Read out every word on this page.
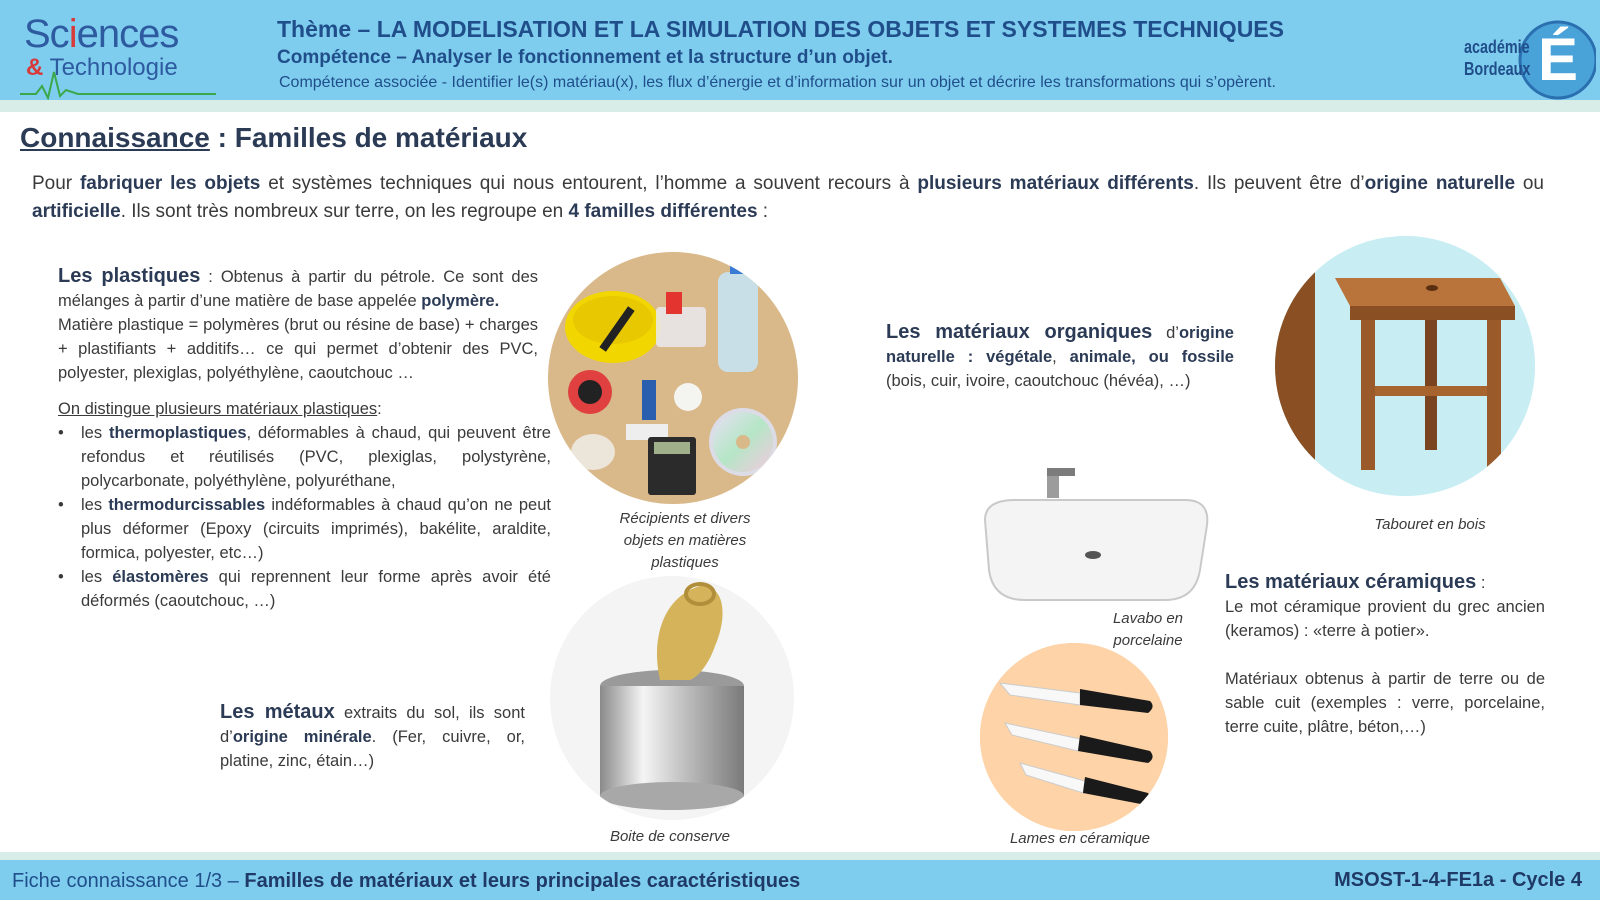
Sciences
& Technologie
Thème – LA MODELISATION ET LA SIMULATION DES OBJETS ET SYSTEMES TECHNIQUES
Compétence – Analyser le fonctionnement et la structure d’un objet.
Compétence associée - Identifier le(s) matériau(x), les flux d’énergie et d’information sur un objet et décrire les transformations qui s’opèrent.	É
académie
Bordeaux
Connaissance : Familles de matériaux
Pour fabriquer les objets et systèmes techniques qui nous entourent, l’homme a souvent recours à plusieurs matériaux différents. Ils peuvent être d’origine naturelle ou artificielle. Ils sont très nombreux sur terre, on les regroupe en 4 familles différentes :

Les plastiques : Obtenus à partir du pétrole. Ce sont des mélanges à partir d’une matière de base appelée polymère.

Matière plastique = polymères (brut ou résine de base) + charges + plastifiants + additifs… ce qui permet d’obtenir des PVC, polyester, plexiglas, polyéthylène, caoutchouc …

On distingue plusieurs matériaux plastiques:

• les thermoplastiques, déformables à chaud, qui peuvent être refondus et réutilisés (PVC, plexiglas, polystyrène, polycarbonate, polyéthylène, polyuréthane,
• les thermodurcissables indéformables à chaud qu’on ne peut plus déformer (Epoxy (circuits imprimés), bakélite, araldite, formica, polyester, etc…)
• les élastomères qui reprennent leur forme après avoir été déformés (caoutchouc, …)
Récipients et divers
objets en matières
plastiques
Boite de conserve
Les métaux extraits du sol, ils sont d’origine minérale. (Fer, cuivre, or, platine, zinc, étain…)
Les matériaux organiques d’origine naturelle : végétale, animale, ou fossile (bois, cuir, ivoire, caoutchouc (hévéa), …)
Tabouret en bois
Lavabo en
porcelaine
Lames en céramique

Les matériaux céramiques :

Le mot céramique provient du grec ancien (keramos) : «terre à potier».

Matériaux obtenus à partir de terre ou de sable cuit (exemples : verre, porcelaine, terre cuite, plâtre, béton,…)

Fiche connaissance 1/3 – Familles de matériaux et leurs principales caractéristiques	MSOST-1-4-FE1a - Cycle 4
